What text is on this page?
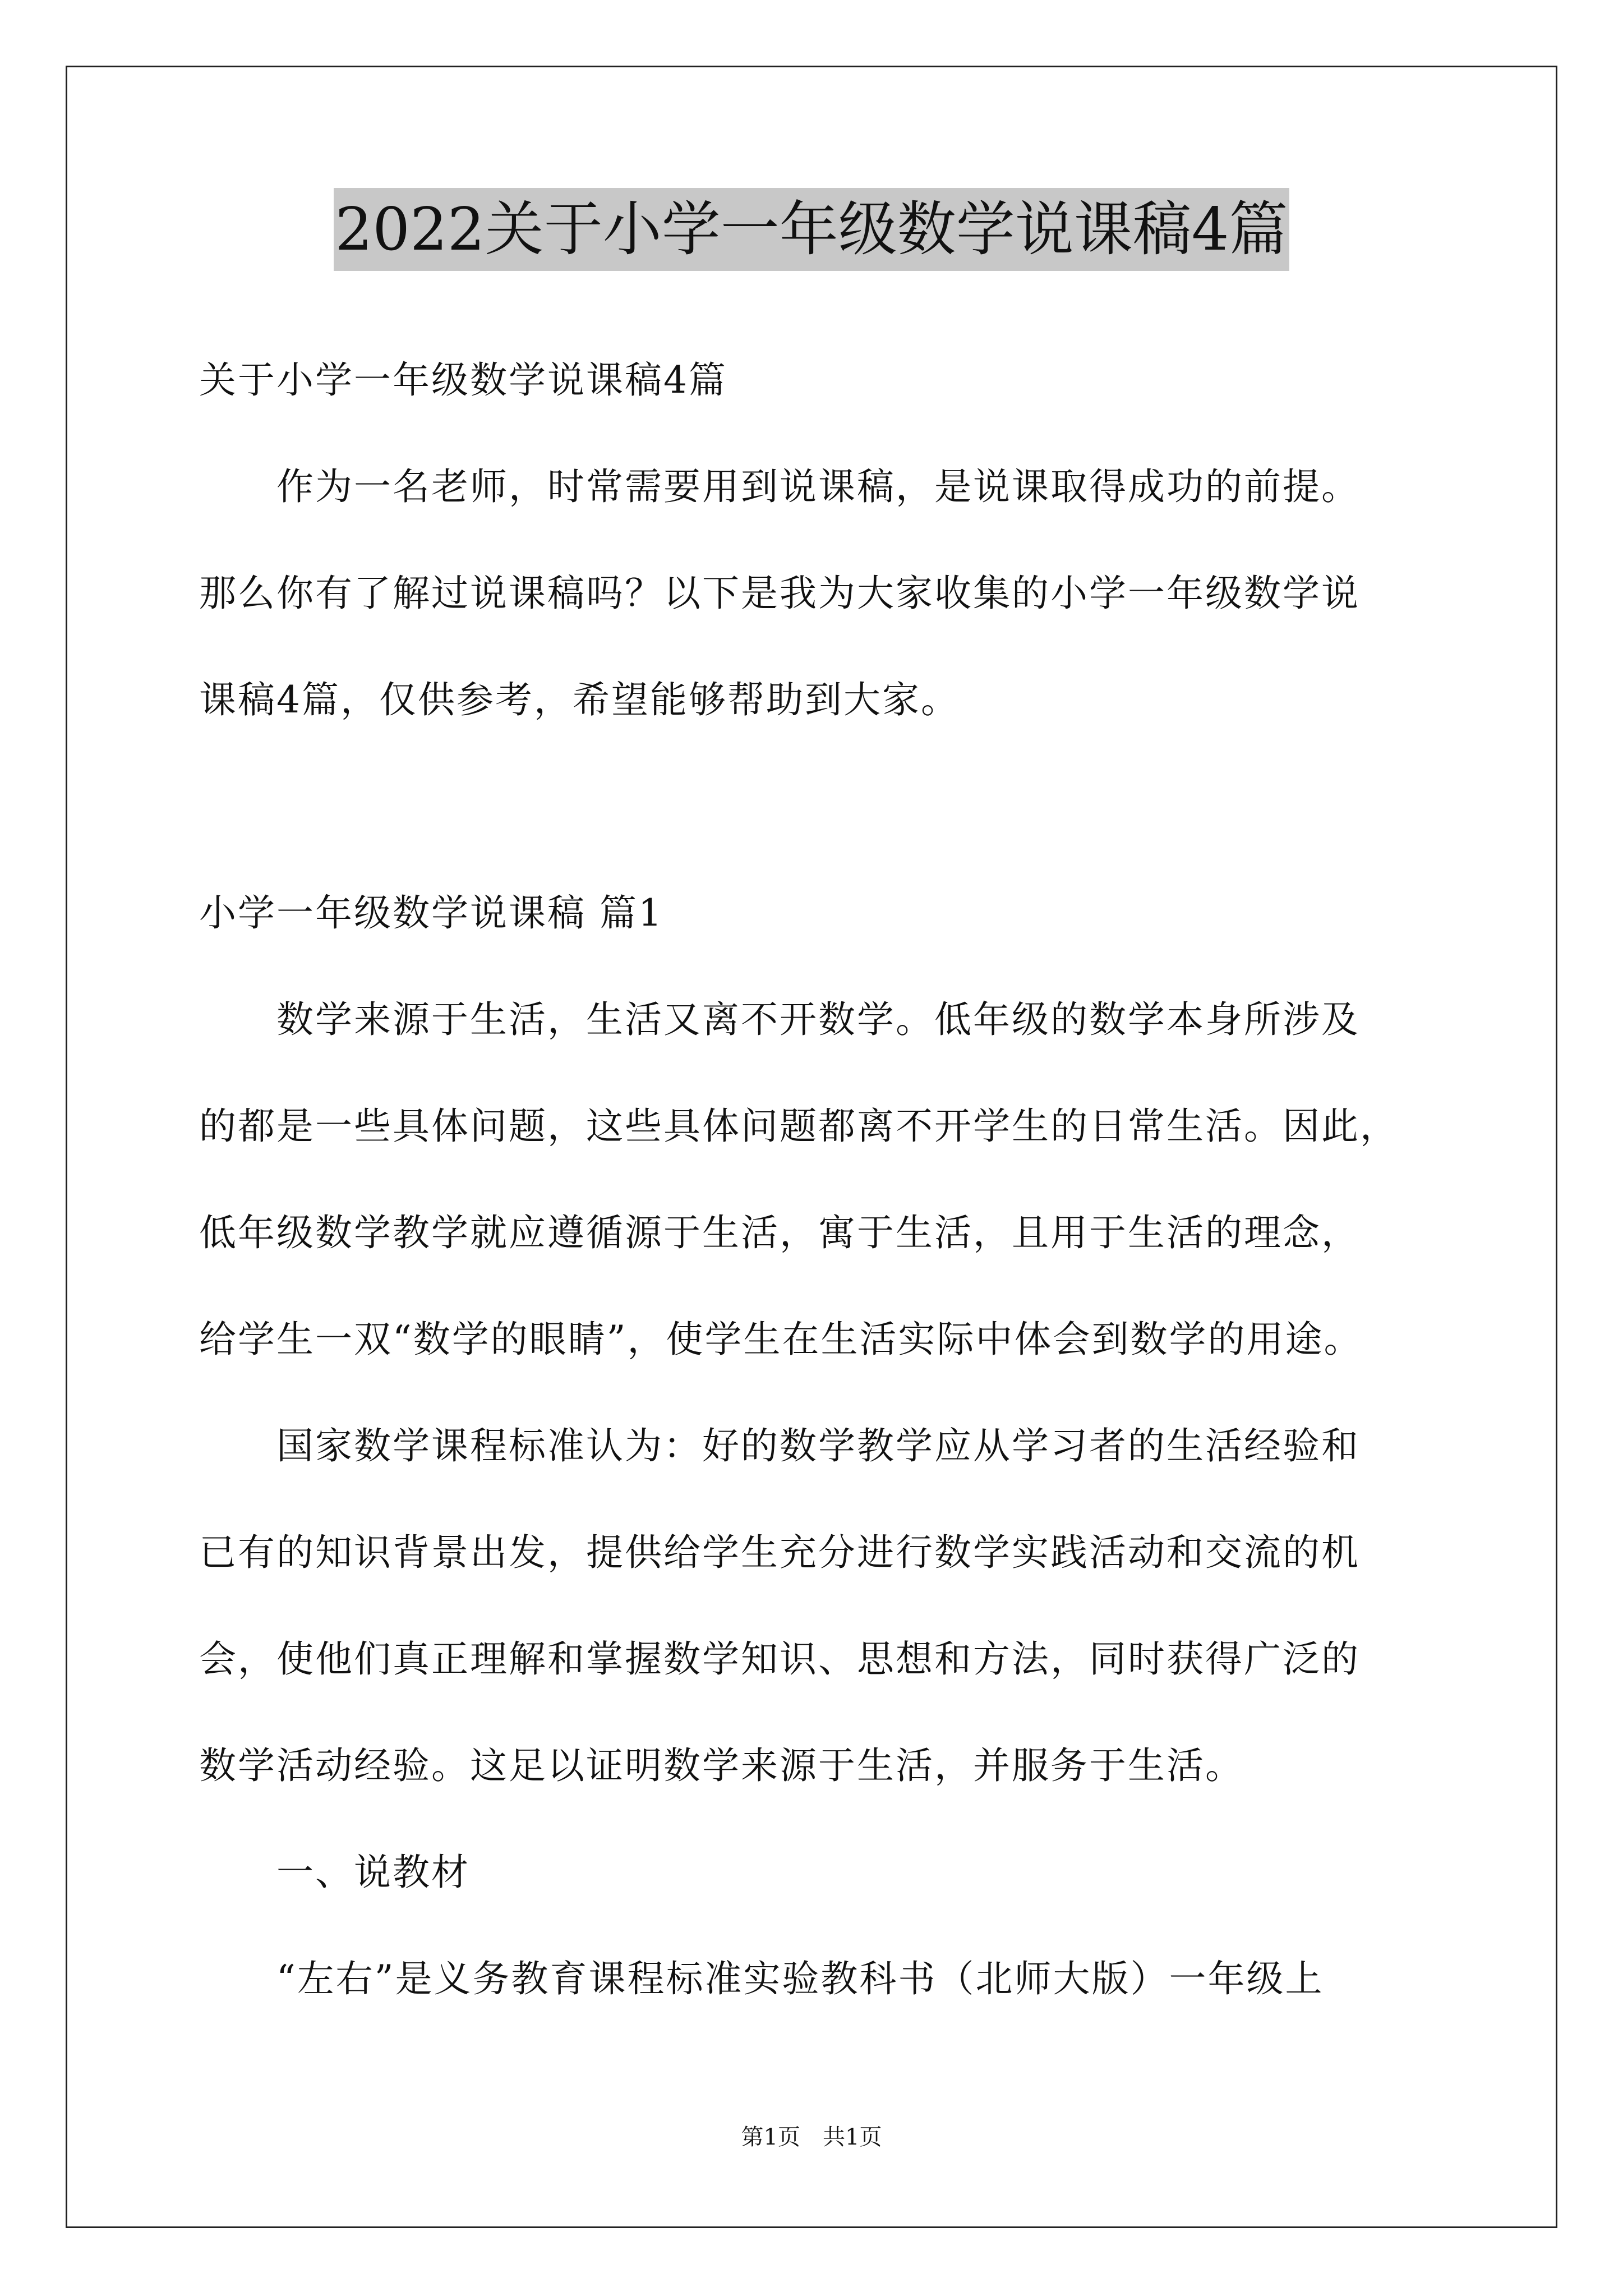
2022关于小学一年级数学说课稿4篇
关于小学一年级数学说课稿4篇
　　作为一名老师，时常需要用到说课稿，是说课取得成功的前提。
那么你有了解过说课稿吗？以下是我为大家收集的小学一年级数学说
课稿4篇，仅供参考，希望能够帮助到大家。
小学一年级数学说课稿 篇1
　　数学来源于生活，生活又离不开数学。低年级的数学本身所涉及
的都是一些具体问题，这些具体问题都离不开学生的日常生活。因此，
低年级数学教学就应遵循源于生活，寓于生活，且用于生活的理念，
给学生一双“数学的眼睛”，使学生在生活实际中体会到数学的用途。
　　国家数学课程标准认为：好的数学教学应从学习者的生活经验和
已有的知识背景出发，提供给学生充分进行数学实践活动和交流的机
会，使他们真正理解和掌握数学知识、思想和方法，同时获得广泛的
数学活动经验。这足以证明数学来源于生活，并服务于生活。
　　一、说教材
　　“左右”是义务教育课程标准实验教科书（北师大版）一年级上
第1页　共1页
